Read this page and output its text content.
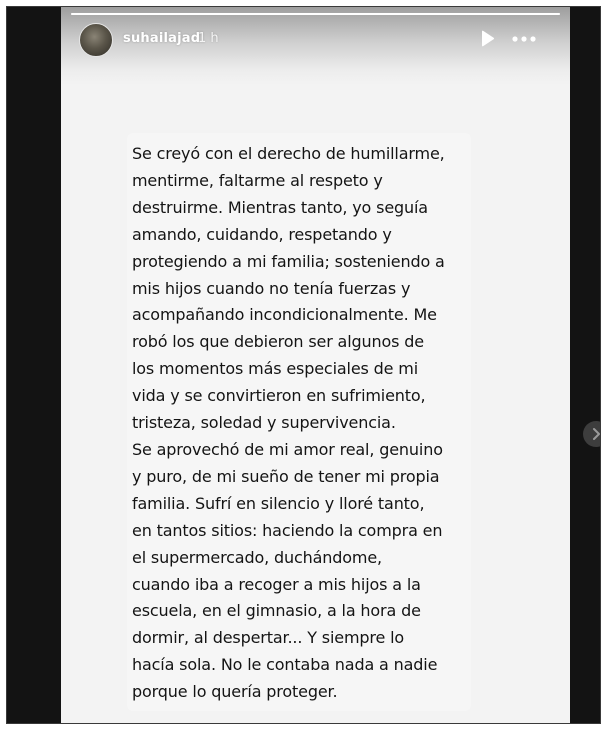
suhailajad
1 h

Se creyó con el derecho de humillarme,
mentirme, faltarme al respeto y
destruirme. Mientras tanto, yo seguía
amando, cuidando, respetando y
protegiendo a mi familia; sosteniendo a
mis hijos cuando no tenía fuerzas y
acompañando incondicionalmente. Me
robó los que debieron ser algunos de
los momentos más especiales de mi
vida y se convirtieron en sufrimiento,
tristeza, soledad y supervivencia.
Se aprovechó de mi amor real, genuino
y puro, de mi sueño de tener mi propia
familia. Sufrí en silencio y lloré tanto,
en tantos sitios: haciendo la compra en
el supermercado, duchándome,
cuando iba a recoger a mis hijos a la
escuela, en el gimnasio, a la hora de
dormir, al despertar... Y siempre lo
hacía sola. No le contaba nada a nadie
porque lo quería proteger.
